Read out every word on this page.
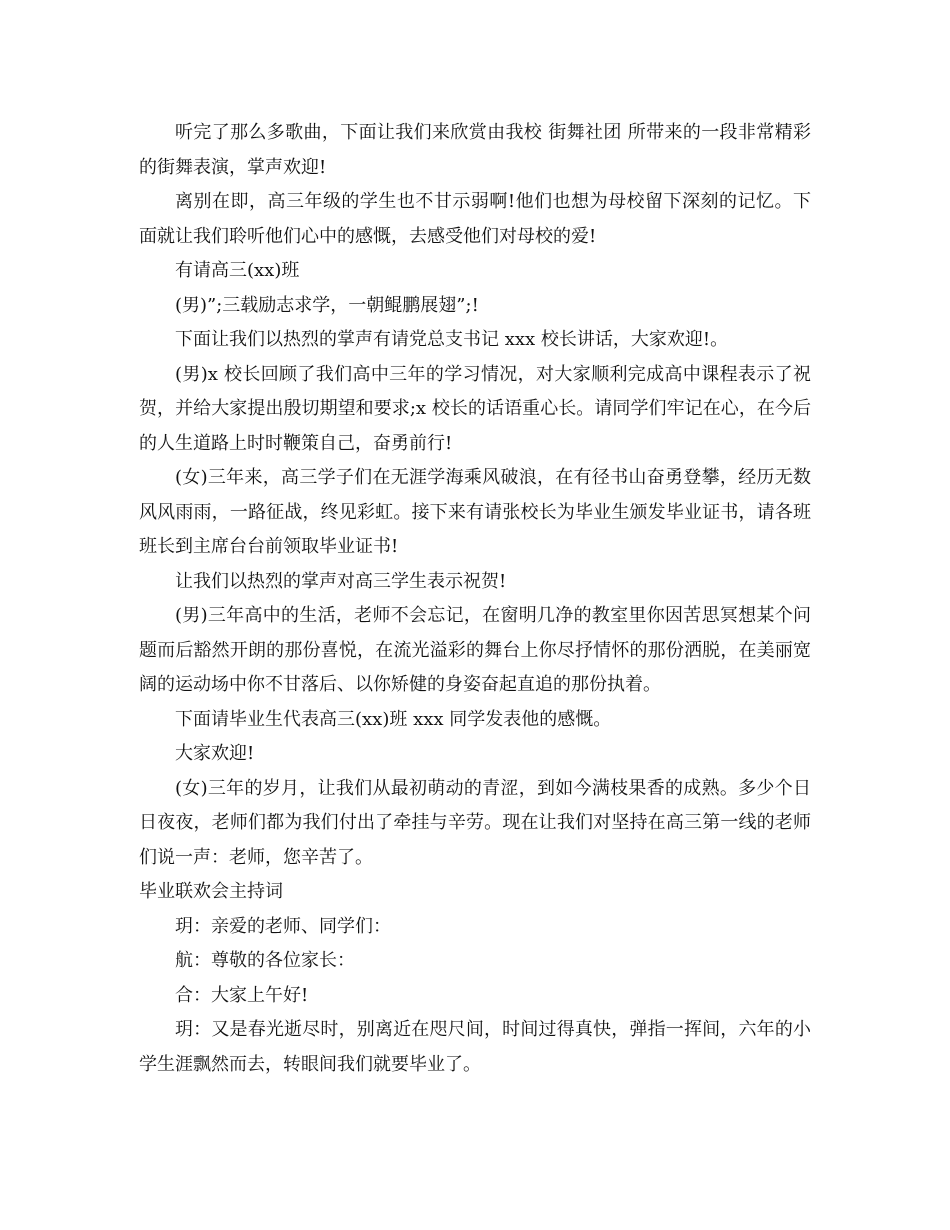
听完了那么多歌曲，下面让我们来欣赏由我校 街舞社团 所带来的一段非常精彩的街舞表演，掌声欢迎!

离别在即，高三年级的学生也不甘示弱啊!他们也想为母校留下深刻的记忆。下面就让我们聆听他们心中的感慨，去感受他们对母校的爱!

有请高三(xx)班

(男)”;三载励志求学，一朝鲲鹏展翅”;!

下面让我们以热烈的掌声有请党总支书记 xxx 校长讲话，大家欢迎!。

(男)x 校长回顾了我们高中三年的学习情况，对大家顺利完成高中课程表示了祝贺，并给大家提出殷切期望和要求;x 校长的话语重心长。请同学们牢记在心，在今后的人生道路上时时鞭策自己，奋勇前行!

(女)三年来，高三学子们在无涯学海乘风破浪，在有径书山奋勇登攀，经历无数风风雨雨，一路征战，终见彩虹。接下来有请张校长为毕业生颁发毕业证书，请各班班长到主席台台前领取毕业证书!

让我们以热烈的掌声对高三学生表示祝贺!

(男)三年高中的生活，老师不会忘记，在窗明几净的教室里你因苦思冥想某个问题而后豁然开朗的那份喜悦，在流光溢彩的舞台上你尽抒情怀的那份洒脱，在美丽宽阔的运动场中你不甘落后、以你矫健的身姿奋起直追的那份执着。

下面请毕业生代表高三(xx)班 xxx 同学发表他的感慨。

大家欢迎!

(女)三年的岁月，让我们从最初萌动的青涩，到如今满枝果香的成熟。多少个日日夜夜，老师们都为我们付出了牵挂与辛劳。现在让我们对坚持在高三第一线的老师们说一声：老师，您辛苦了。

毕业联欢会主持词

玥：亲爱的老师、同学们：

航：尊敬的各位家长：

合：大家上午好!

玥：又是春光逝尽时，别离近在咫尺间，时间过得真快，弹指一挥间，六年的小学生涯飘然而去，转眼间我们就要毕业了。
